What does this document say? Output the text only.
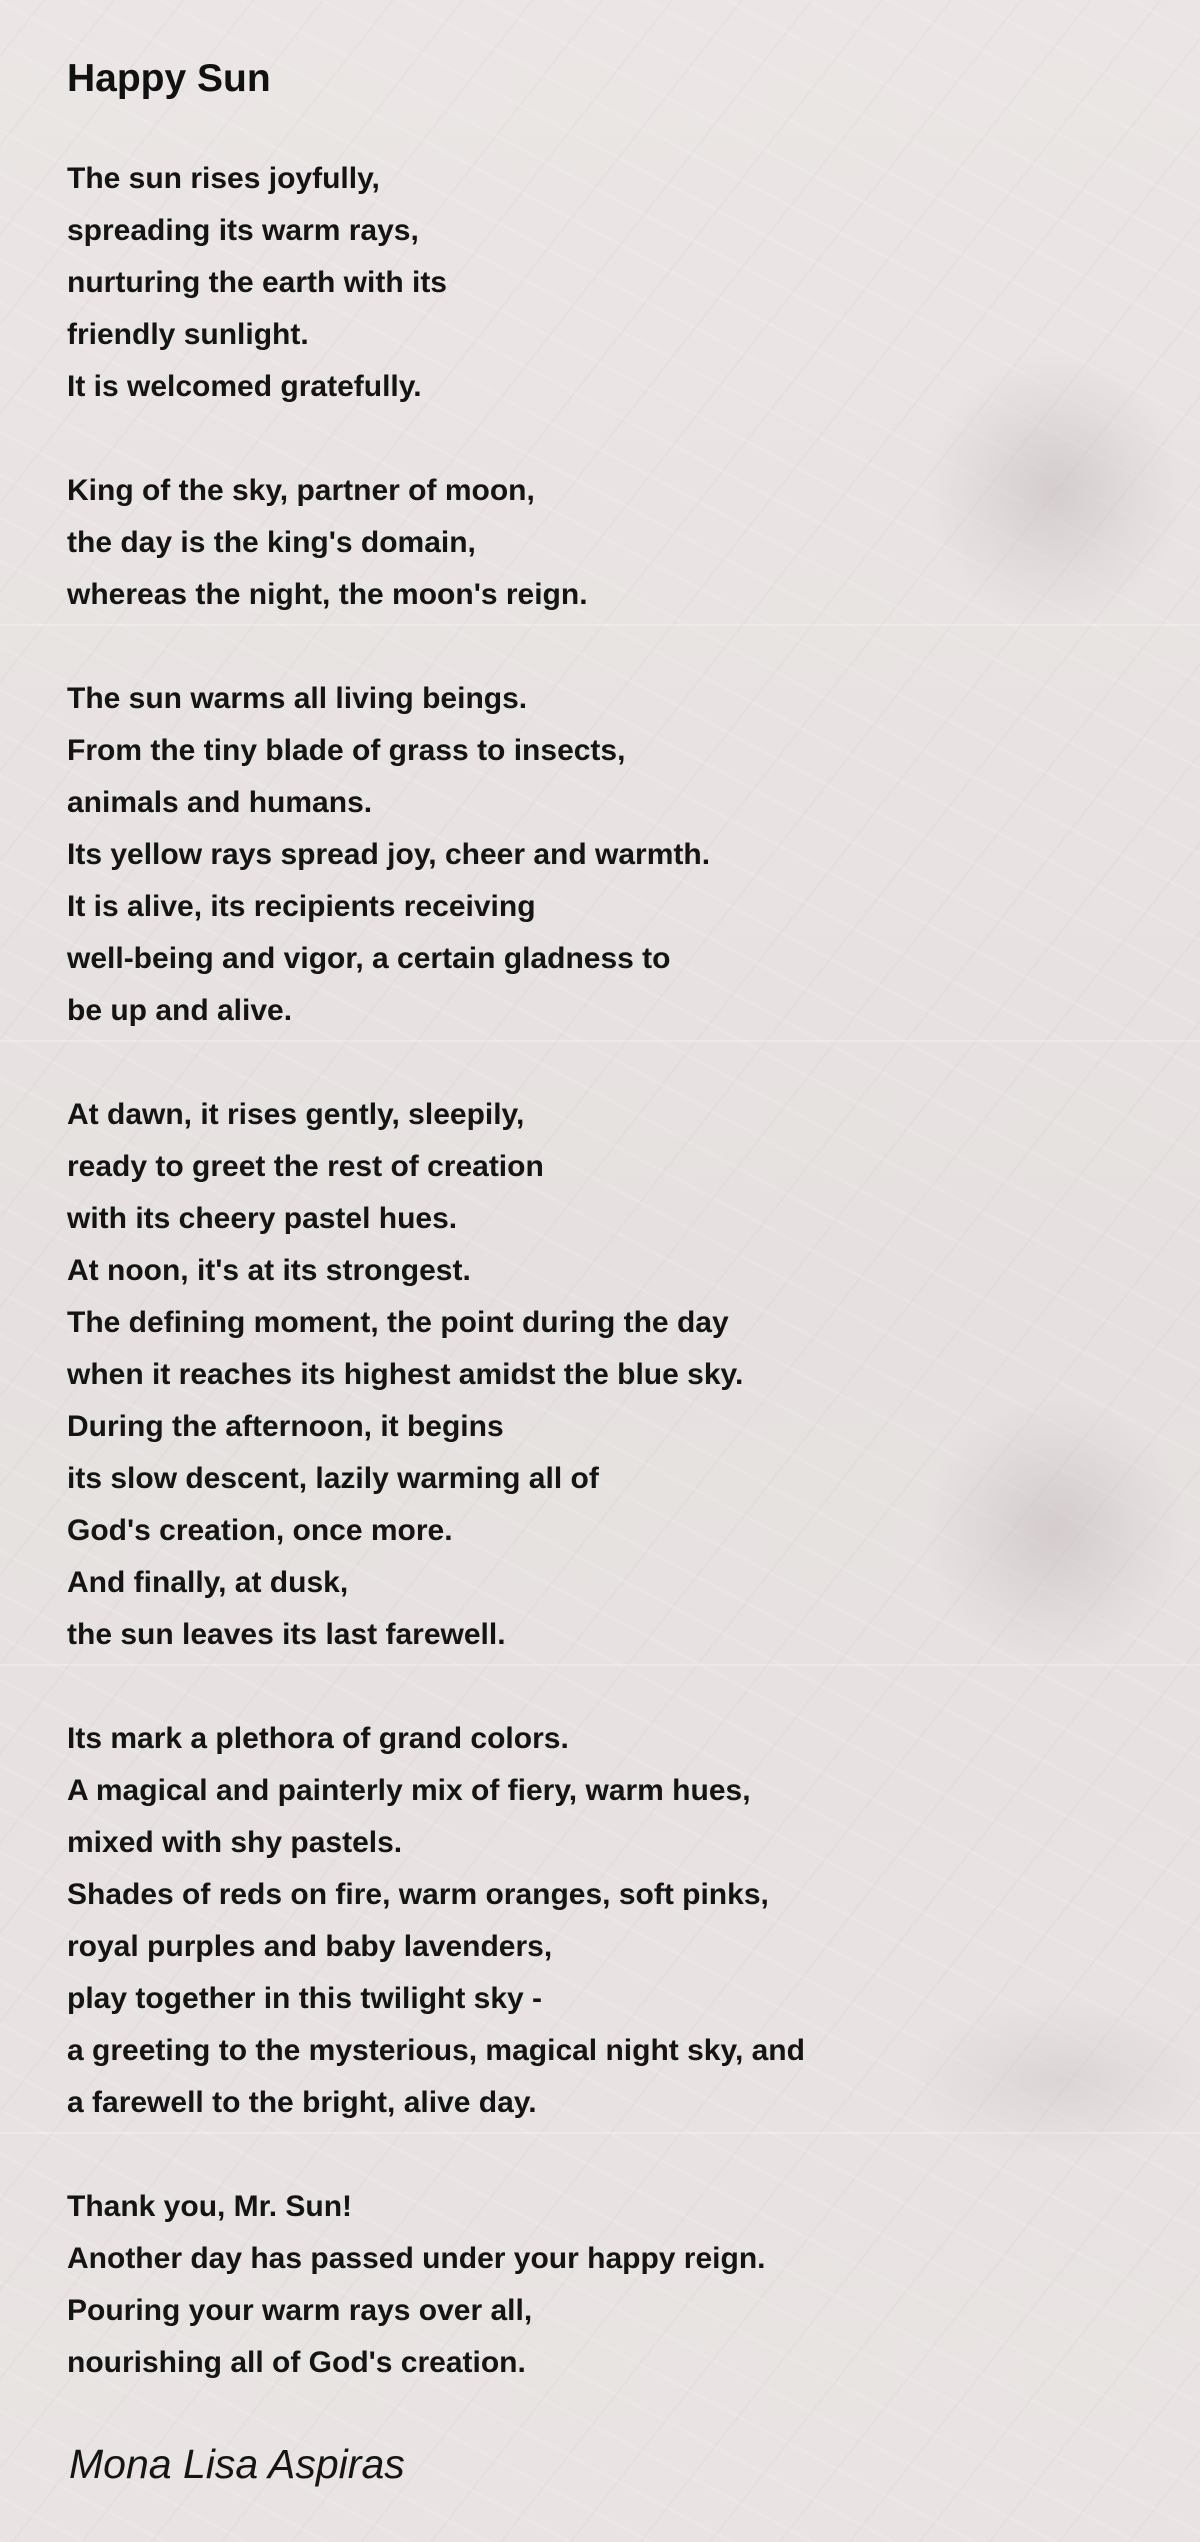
Happy Sun
The sun rises joyfully,
spreading its warm rays,
nurturing the earth with its
friendly sunlight.
It is welcomed gratefully.
King of the sky, partner of moon,
the day is the king's domain,
whereas the night, the moon's reign.
The sun warms all living beings.
From the tiny blade of grass to insects,
animals and humans.
Its yellow rays spread joy, cheer and warmth.
It is alive, its recipients receiving
well-being and vigor, a certain gladness to
be up and alive.
At dawn, it rises gently, sleepily,
ready to greet the rest of creation
with its cheery pastel hues.
At noon, it's at its strongest.
The defining moment, the point during the day
when it reaches its highest amidst the blue sky.
During the afternoon, it begins
its slow descent, lazily warming all of
God's creation, once more.
And finally, at dusk,
the sun leaves its last farewell.
Its mark a plethora of grand colors.
A magical and painterly mix of fiery, warm hues,
mixed with shy pastels.
Shades of reds on fire, warm oranges, soft pinks,
royal purples and baby lavenders,
play together in this twilight sky -
a greeting to the mysterious, magical night sky, and
a farewell to the bright, alive day.
Thank you, Mr. Sun!
Another day has passed under your happy reign.
Pouring your warm rays over all,
nourishing all of God's creation.
Mona Lisa Aspiras
